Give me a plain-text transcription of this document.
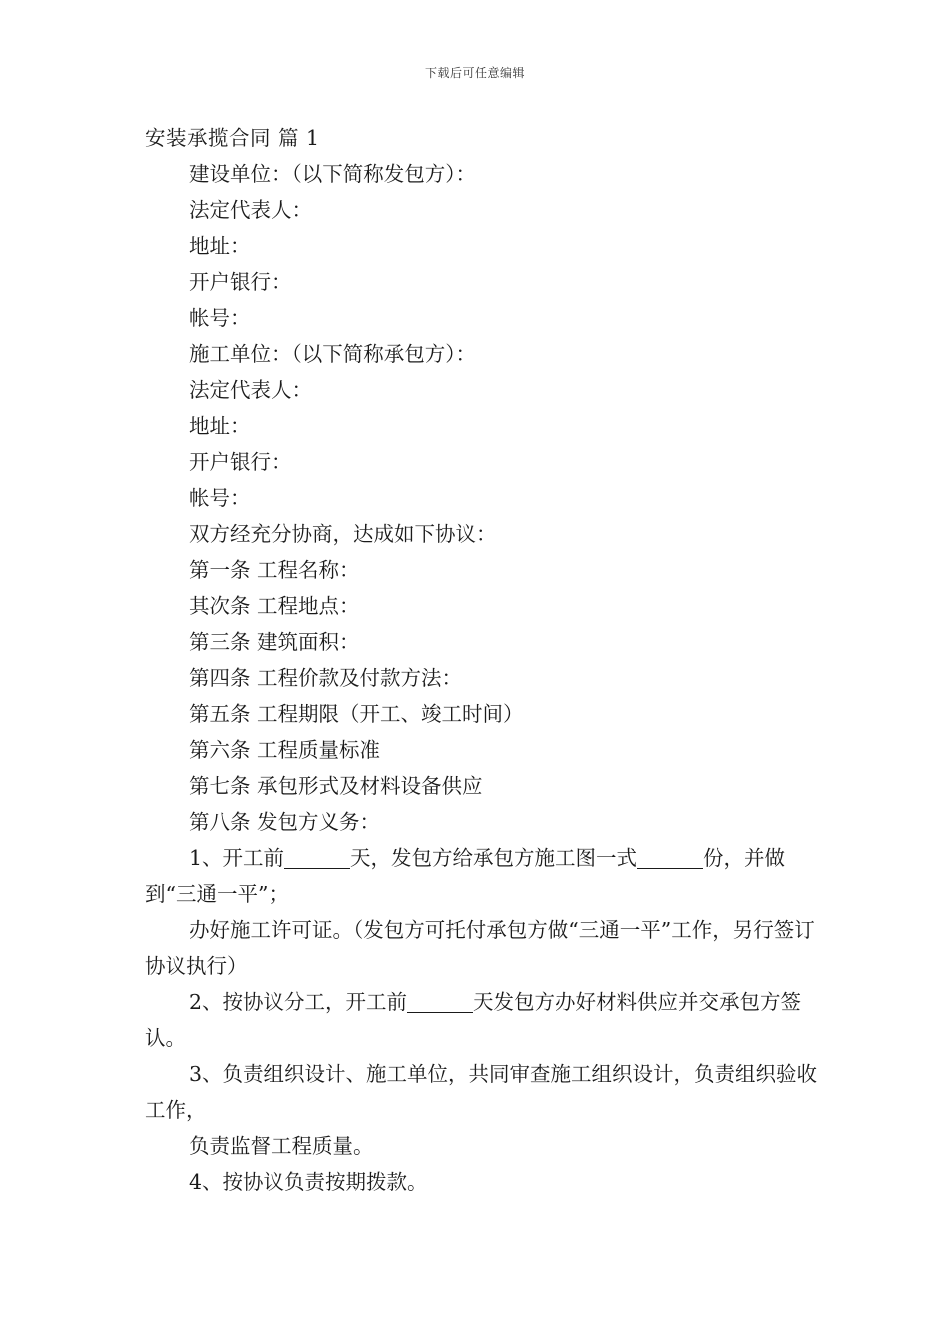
下载后可任意编辑

安装承揽合同 篇 1

建设单位：（以下简称发包方）：

法定代表人：

地址：

开户银行：

帐号：

施工单位：（以下简称承包方）：

法定代表人：

地址：

开户银行：

帐号：

双方经充分协商，达成如下协议：

第一条 工程名称：

其次条 工程地点：

第三条 建筑面积：

第四条 工程价款及付款方法：

第五条 工程期限（开工、竣工时间）

第六条 工程质量标准

第七条 承包形式及材料设备供应

第八条 发包方义务：

1、开工前	天，发包方给承包方施工图一式	份，并做到“三通一平”；

办好施工许可证。（发包方可托付承包方做“三通一平”工作，另行签订协议执行）

2、按协议分工，开工前	天发包方办好材料供应并交承包方签认。

3、负责组织设计、施工单位，共同审查施工组织设计，负责组织验收工作，

负责监督工程质量。

4、按协议负责按期拨款。
